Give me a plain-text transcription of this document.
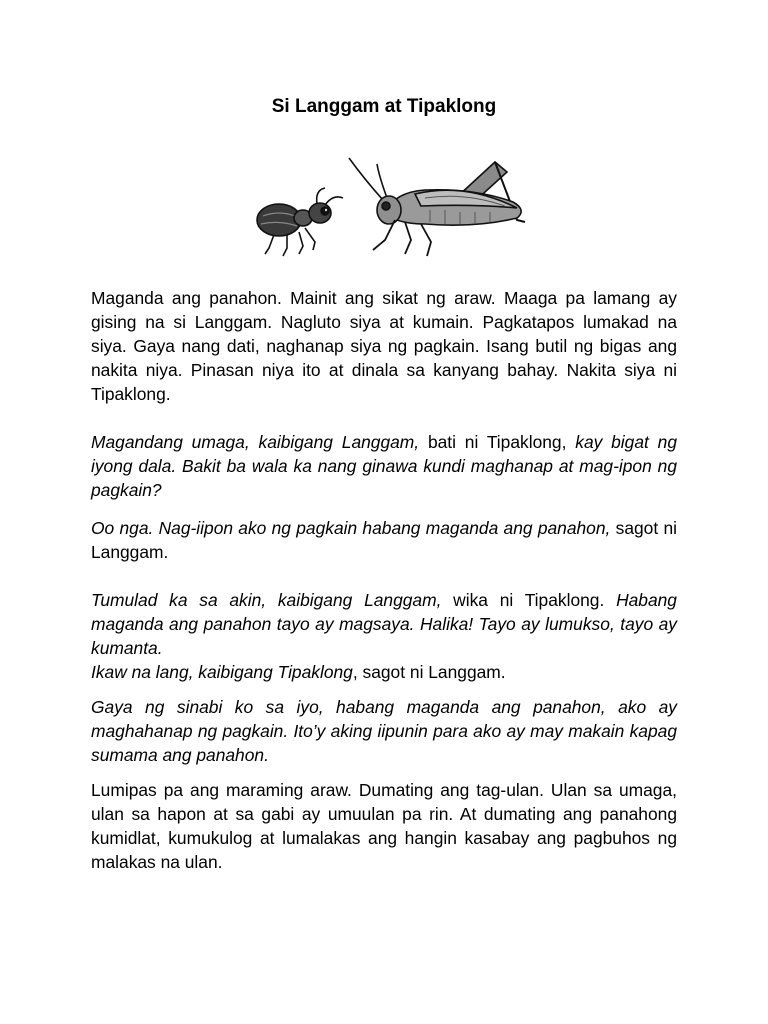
Si Langgam at Tipaklong

Maganda ang panahon. Mainit ang sikat ng araw. Maaga pa lamang ay gising na si Langgam. Nagluto siya at kumain. Pagkatapos lumakad na siya. Gaya nang dati, naghanap siya ng pagkain. Isang butil ng bigas ang nakita niya. Pinasan niya ito at dinala sa kanyang bahay. Nakita siya ni Tipaklong.

Magandang umaga, kaibigang Langgam, bati ni Tipaklong, kay bigat ng iyong dala. Bakit ba wala ka nang ginawa kundi maghanap at mag-ipon ng pagkain?

Oo nga. Nag-iipon ako ng pagkain habang maganda ang panahon, sagot ni Langgam.

Tumulad ka sa akin, kaibigang Langgam, wika ni Tipaklong. Habang maganda ang panahon tayo ay magsaya. Halika! Tayo ay lumukso, tayo ay kumanta.

Ikaw na lang, kaibigang Tipaklong, sagot ni Langgam.

Gaya ng sinabi ko sa iyo, habang maganda ang panahon, ako ay maghahanap ng pagkain. Ito’y aking iipunin para ako ay may makain kapag sumama ang panahon.

Lumipas pa ang maraming araw. Dumating ang tag-ulan. Ulan sa umaga, ulan sa hapon at sa gabi ay umuulan pa rin. At dumating ang panahong kumidlat, kumukulog at lumalakas ang hangin kasabay ang pagbuhos ng malakas na ulan.
